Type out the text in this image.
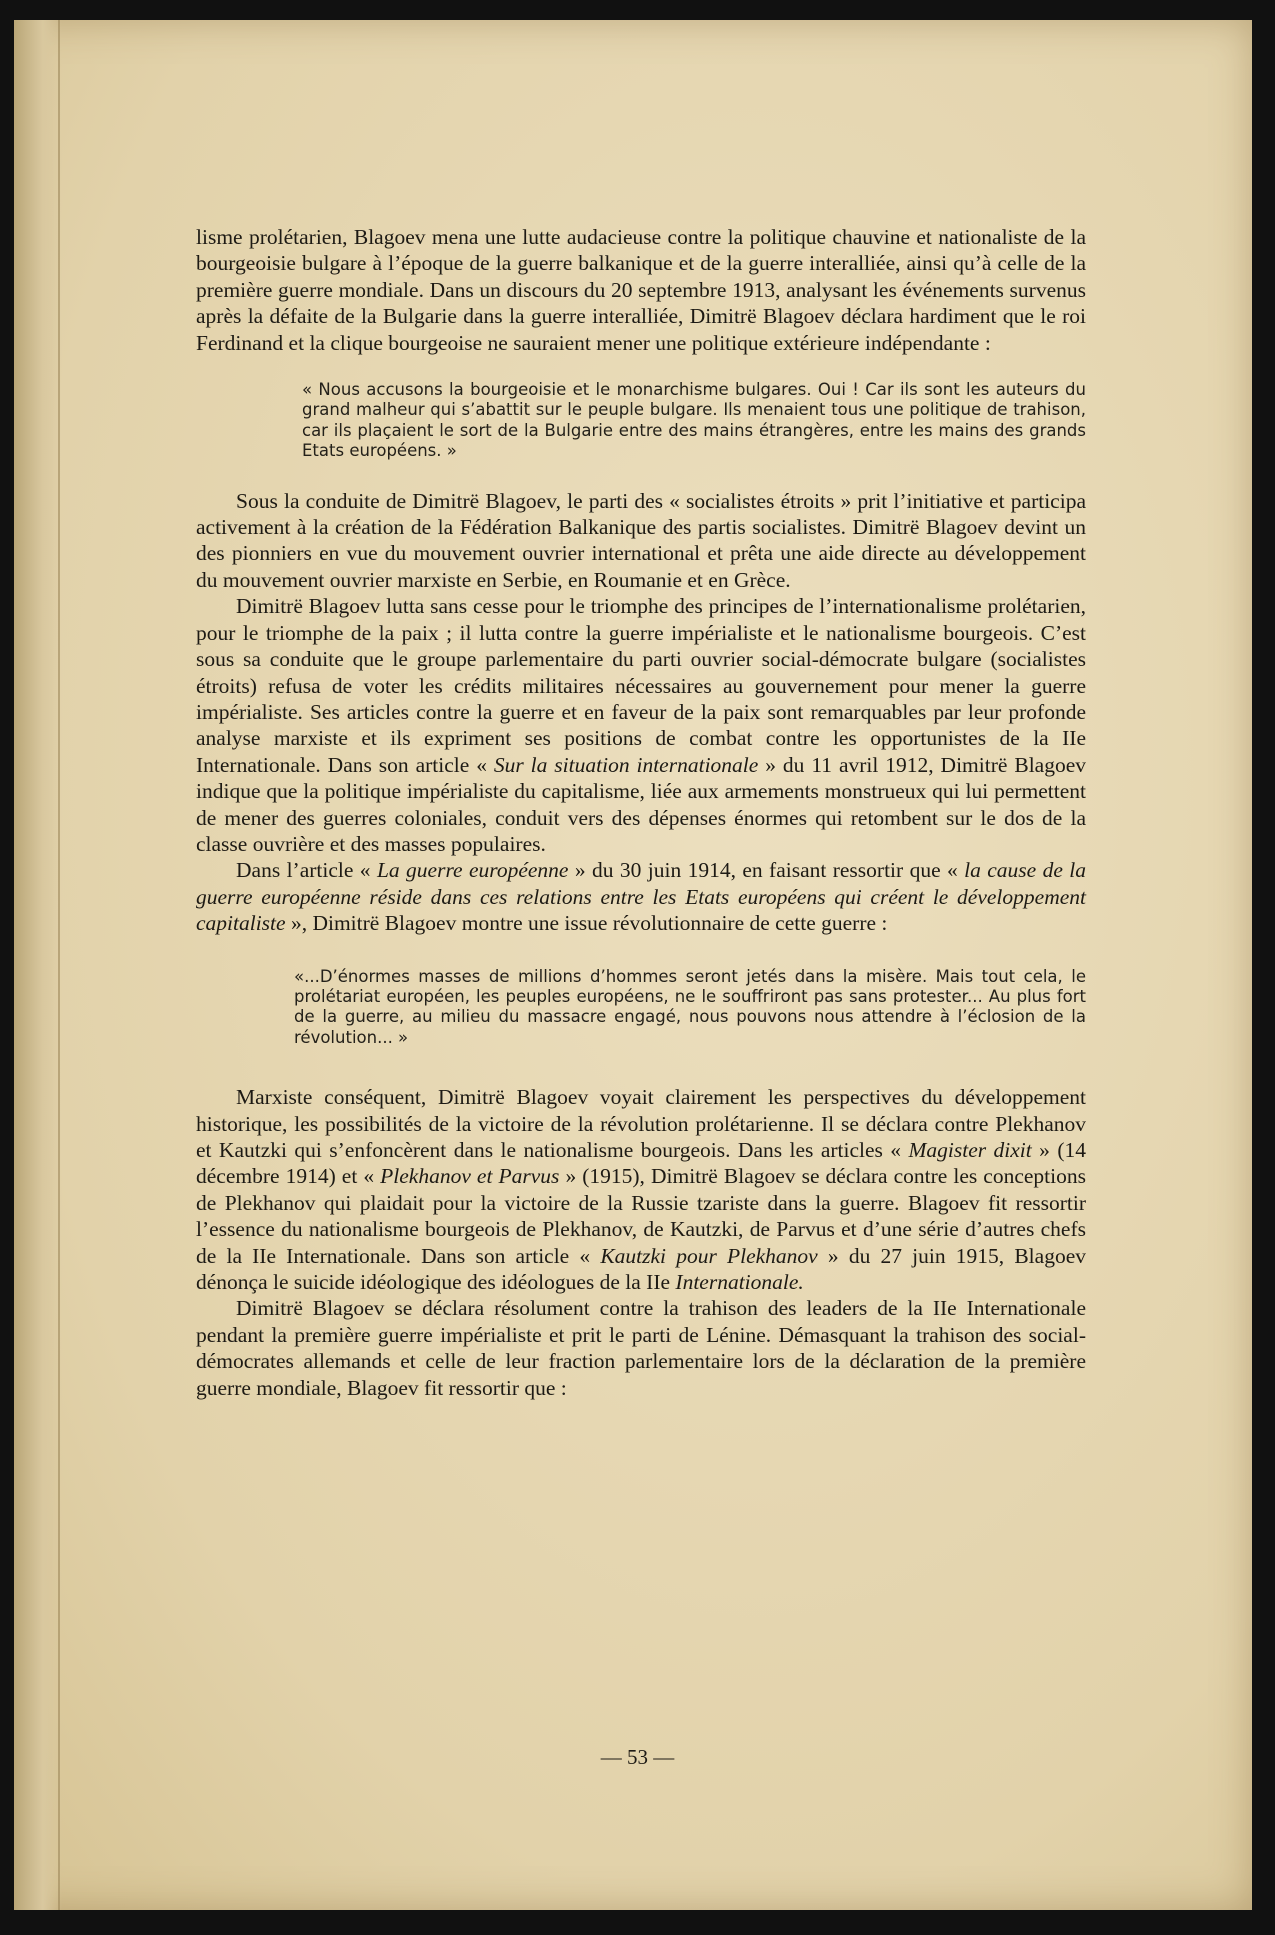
lisme prolétarien, Blagoev mena une lutte audacieuse contre la politique chauvine et nationaliste de la bourgeoisie bulgare à l’époque de la guerre balkanique et de la guerre interalliée, ainsi qu’à celle de la première guerre mondiale. Dans un discours du 20 septembre 1913, analysant les événements survenus après la défaite de la Bulgarie dans la guerre interalliée, Dimitrë Blagoev déclara hardiment que le roi Ferdinand et la clique bourgeoise ne sauraient mener une politique extérieure indépendante :

« Nous accusons la bourgeoisie et le monarchisme bulgares. Oui ! Car ils sont les auteurs du grand malheur qui s’abattit sur le peuple bulgare. Ils menaient tous une politique de trahison, car ils plaçaient le sort de la Bulgarie entre des mains étrangères, entre les mains des grands Etats européens. »

Sous la conduite de Dimitrë Blagoev, le parti des « socialistes étroits » prit l’initiative et participa activement à la création de la Fédération Balkanique des partis socialistes. Dimitrë Blagoev devint un des pionniers en vue du mouvement ouvrier international et prêta une aide directe au développement du mouvement ouvrier marxiste en Serbie, en Roumanie et en Grèce.

Dimitrë Blagoev lutta sans cesse pour le triomphe des principes de l’internationalisme prolétarien, pour le triomphe de la paix ; il lutta contre la guerre impérialiste et le nationalisme bourgeois. C’est sous sa conduite que le groupe parlementaire du parti ouvrier social-démocrate bulgare (socialistes étroits) refusa de voter les crédits militaires nécessaires au gouvernement pour mener la guerre impérialiste. Ses articles contre la guerre et en faveur de la paix sont remarquables par leur profonde analyse marxiste et ils expriment ses positions de combat contre les opportunistes de la IIe Internationale. Dans son article « Sur la situation internationale » du 11 avril 1912, Dimitrë Blagoev indique que la politique impérialiste du capitalisme, liée aux armements monstrueux qui lui permettent de mener des guerres coloniales, conduit vers des dépenses énormes qui retombent sur le dos de la classe ouvrière et des masses populaires.

Dans l’article « La guerre européenne » du 30 juin 1914, en faisant ressortir que « la cause de la guerre européenne réside dans ces relations entre les Etats européens qui créent le développement capitaliste », Dimitrë Blagoev montre une issue révolutionnaire de cette guerre :

«...D’énormes masses de millions d’hommes seront jetés dans la misère. Mais tout cela, le prolétariat européen, les peuples européens, ne le souffriront pas sans protester... Au plus fort de la guerre, au milieu du massacre engagé, nous pouvons nous attendre à l’éclosion de la révolution... »

Marxiste conséquent, Dimitrë Blagoev voyait clairement les perspectives du développement historique, les possibilités de la victoire de la révolution prolétarienne. Il se déclara contre Plekhanov et Kautzki qui s’enfoncèrent dans le nationalisme bourgeois. Dans les articles « Magister dixit » (14 décembre 1914) et « Plekhanov et Parvus » (1915), Dimitrë Blagoev se déclara contre les conceptions de Plekhanov qui plaidait pour la victoire de la Russie tzariste dans la guerre. Blagoev fit ressortir l’essence du nationalisme bourgeois de Plekhanov, de Kautzki, de Parvus et d’une série d’autres chefs de la IIe Internationale. Dans son article « Kautzki pour Plekhanov » du 27 juin 1915, Blagoev dénonça le suicide idéologique des idéologues de la IIe Internationale.

Dimitrë Blagoev se déclara résolument contre la trahison des leaders de la IIe Internationale pendant la première guerre impérialiste et prit le parti de Lénine. Démasquant la trahison des social-démocrates allemands et celle de leur fraction parlementaire lors de la déclaration de la première guerre mondiale, Blagoev fit ressortir que :

— 53 —
